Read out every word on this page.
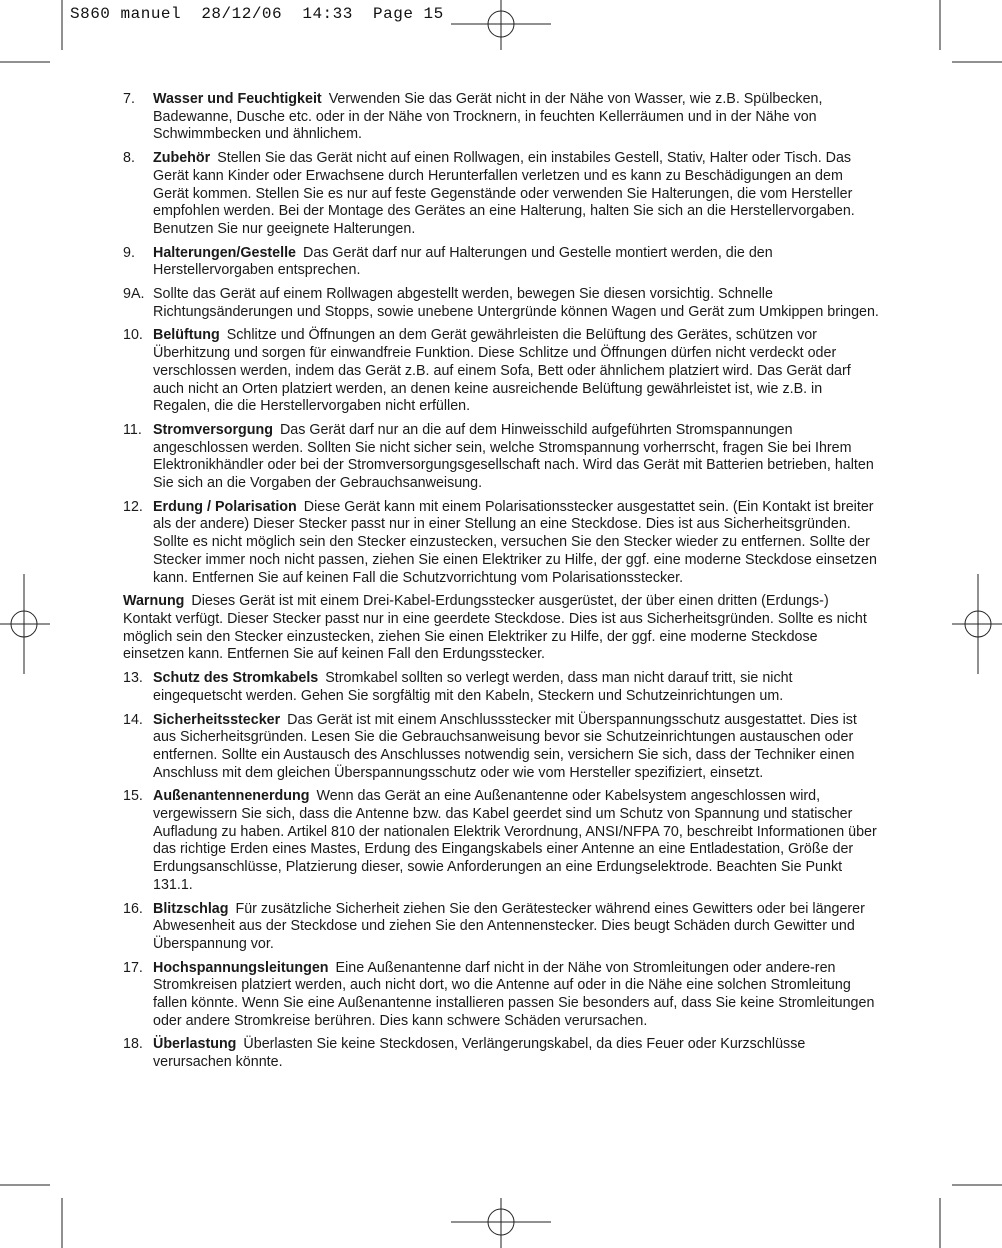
S860 manuel  28/12/06  14:33  Page 15
7. Wasser und Feuchtigkeit Verwenden Sie das Gerät nicht in der Nähe von Wasser, wie z.B. Spülbecken, Badewanne, Dusche etc. oder in der Nähe von Trocknern, in feuchten Kellerräumen und in der Nähe von Schwimmbecken und ähnlichem.
8. Zubehör Stellen Sie das Gerät nicht auf einen Rollwagen, ein instabiles Gestell, Stativ, Halter oder Tisch. Das Gerät kann Kinder oder Erwachsene durch Herunterfallen verletzen und es kann zu Beschädigungen an dem Gerät kommen. Stellen Sie es nur auf feste Gegenstände oder verwenden Sie Halterungen, die vom Hersteller empfohlen werden. Bei der Montage des Gerätes an eine Halterung, halten Sie sich an die Herstellervorgaben. Benutzen Sie nur geeignete Halterungen.
9. Halterungen/Gestelle Das Gerät darf nur auf Halterungen und Gestelle montiert werden, die den Herstellervorgaben entsprechen.
9A. Sollte das Gerät auf einem Rollwagen abgestellt werden, bewegen Sie diesen vorsichtig. Schnelle Richtungsänderungen und Stopps, sowie unebene Untergründe können Wagen und Gerät zum Umkippen bringen.
10. Belüftung Schlitze und Öffnungen an dem Gerät gewährleisten die Belüftung des Gerätes, schützen vor Überhitzung und sorgen für einwandfreie Funktion. Diese Schlitze und Öffnungen dürfen nicht verdeckt oder verschlossen werden, indem das Gerät z.B. auf einem Sofa, Bett oder ähnlichem platziert wird. Das Gerät darf auch nicht an Orten platziert werden, an denen keine ausreichende Belüftung gewährleistet ist, wie z.B. in Regalen, die die Herstellervorgaben nicht erfüllen.
11. Stromversorgung Das Gerät darf nur an die auf dem Hinweisschild aufgeführten Stromspannungen angeschlossen werden. Sollten Sie nicht sicher sein, welche Stromspannung vorherrscht, fragen Sie bei Ihrem Elektronikhändler oder bei der Stromversorgungsgesellschaft nach. Wird das Gerät mit Batterien betrieben, halten Sie sich an die Vorgaben der Gebrauchsanweisung.
12. Erdung / Polarisation Diese Gerät kann mit einem Polarisationsstecker ausgestattet sein. (Ein Kontakt ist breiter als der andere) Dieser Stecker passt nur in einer Stellung an eine Steckdose. Dies ist aus Sicherheitsgründen. Sollte es nicht möglich sein den Stecker einzustecken, versuchen Sie den Stecker wieder zu entfernen. Sollte der Stecker immer noch nicht passen, ziehen Sie einen Elektriker zu Hilfe, der ggf. eine moderne Steckdose einsetzen kann. Entfernen Sie auf keinen Fall die Schutzvorrichtung vom Polarisationsstecker.
Warnung Dieses Gerät ist mit einem Drei-Kabel-Erdungsstecker ausgerüstet, der über einen dritten (Erdungs-) Kontakt verfügt. Dieser Stecker passt nur in eine geerdete Steckdose. Dies ist aus Sicherheitsgründen. Sollte es nicht möglich sein den Stecker einzustecken, ziehen Sie einen Elektriker zu Hilfe, der ggf. eine moderne Steckdose einsetzen kann. Entfernen Sie auf keinen Fall den Erdungsstecker.
13. Schutz des Stromkabels Stromkabel sollten so verlegt werden, dass man nicht darauf tritt, sie nicht eingequetscht werden. Gehen Sie sorgfältig mit den Kabeln, Steckern und Schutzeinrichtungen um.
14. Sicherheitsstecker Das Gerät ist mit einem Anschlussstecker mit Überspannungsschutz ausgestattet. Dies ist aus Sicherheitsgründen. Lesen Sie die Gebrauchsanweisung bevor sie Schutzeinrichtungen austauschen oder entfernen. Sollte ein Austausch des Anschlusses notwendig sein, versichern Sie sich, dass der Techniker einen Anschluss mit dem gleichen Überspannungsschutz oder wie vom Hersteller spezifiziert, einsetzt.
15. Außenantennenerdung Wenn das Gerät an eine Außenantenne oder Kabelsystem angeschlossen wird, vergewissern Sie sich, dass die Antenne bzw. das Kabel geerdet sind um Schutz von Spannung und statischer Aufladung zu haben. Artikel 810 der nationalen Elektrik Verordnung, ANSI/NFPA 70, beschreibt Informationen über das richtige Erden eines Mastes, Erdung des Eingangskabels einer Antenne an eine Entladestation, Größe der Erdungsanschlüsse, Platzierung dieser, sowie Anforderungen an eine Erdungselektrode. Beachten Sie Punkt 131.1.
16. Blitzschlag Für zusätzliche Sicherheit ziehen Sie den Gerätestecker während eines Gewitters oder bei längerer Abwesenheit aus der Steckdose und ziehen Sie den Antennenstecker. Dies beugt Schäden durch Gewitter und Überspannung vor.
17. Hochspannungsleitungen Eine Außenantenne darf nicht in der Nähe von Stromleitungen oder andere-ren Stromkreisen platziert werden, auch nicht dort, wo die Antenne auf oder in die Nähe eine solchen Stromleitung fallen könnte. Wenn Sie eine Außenantenne installieren passen Sie besonders auf, dass Sie keine Stromleitungen oder andere Stromkreise berühren. Dies kann schwere Schäden verursachen.
18. Überlastung Überlasten Sie keine Steckdosen, Verlängerungskabel, da dies Feuer oder Kurzschlüsse verursachen könnte.
